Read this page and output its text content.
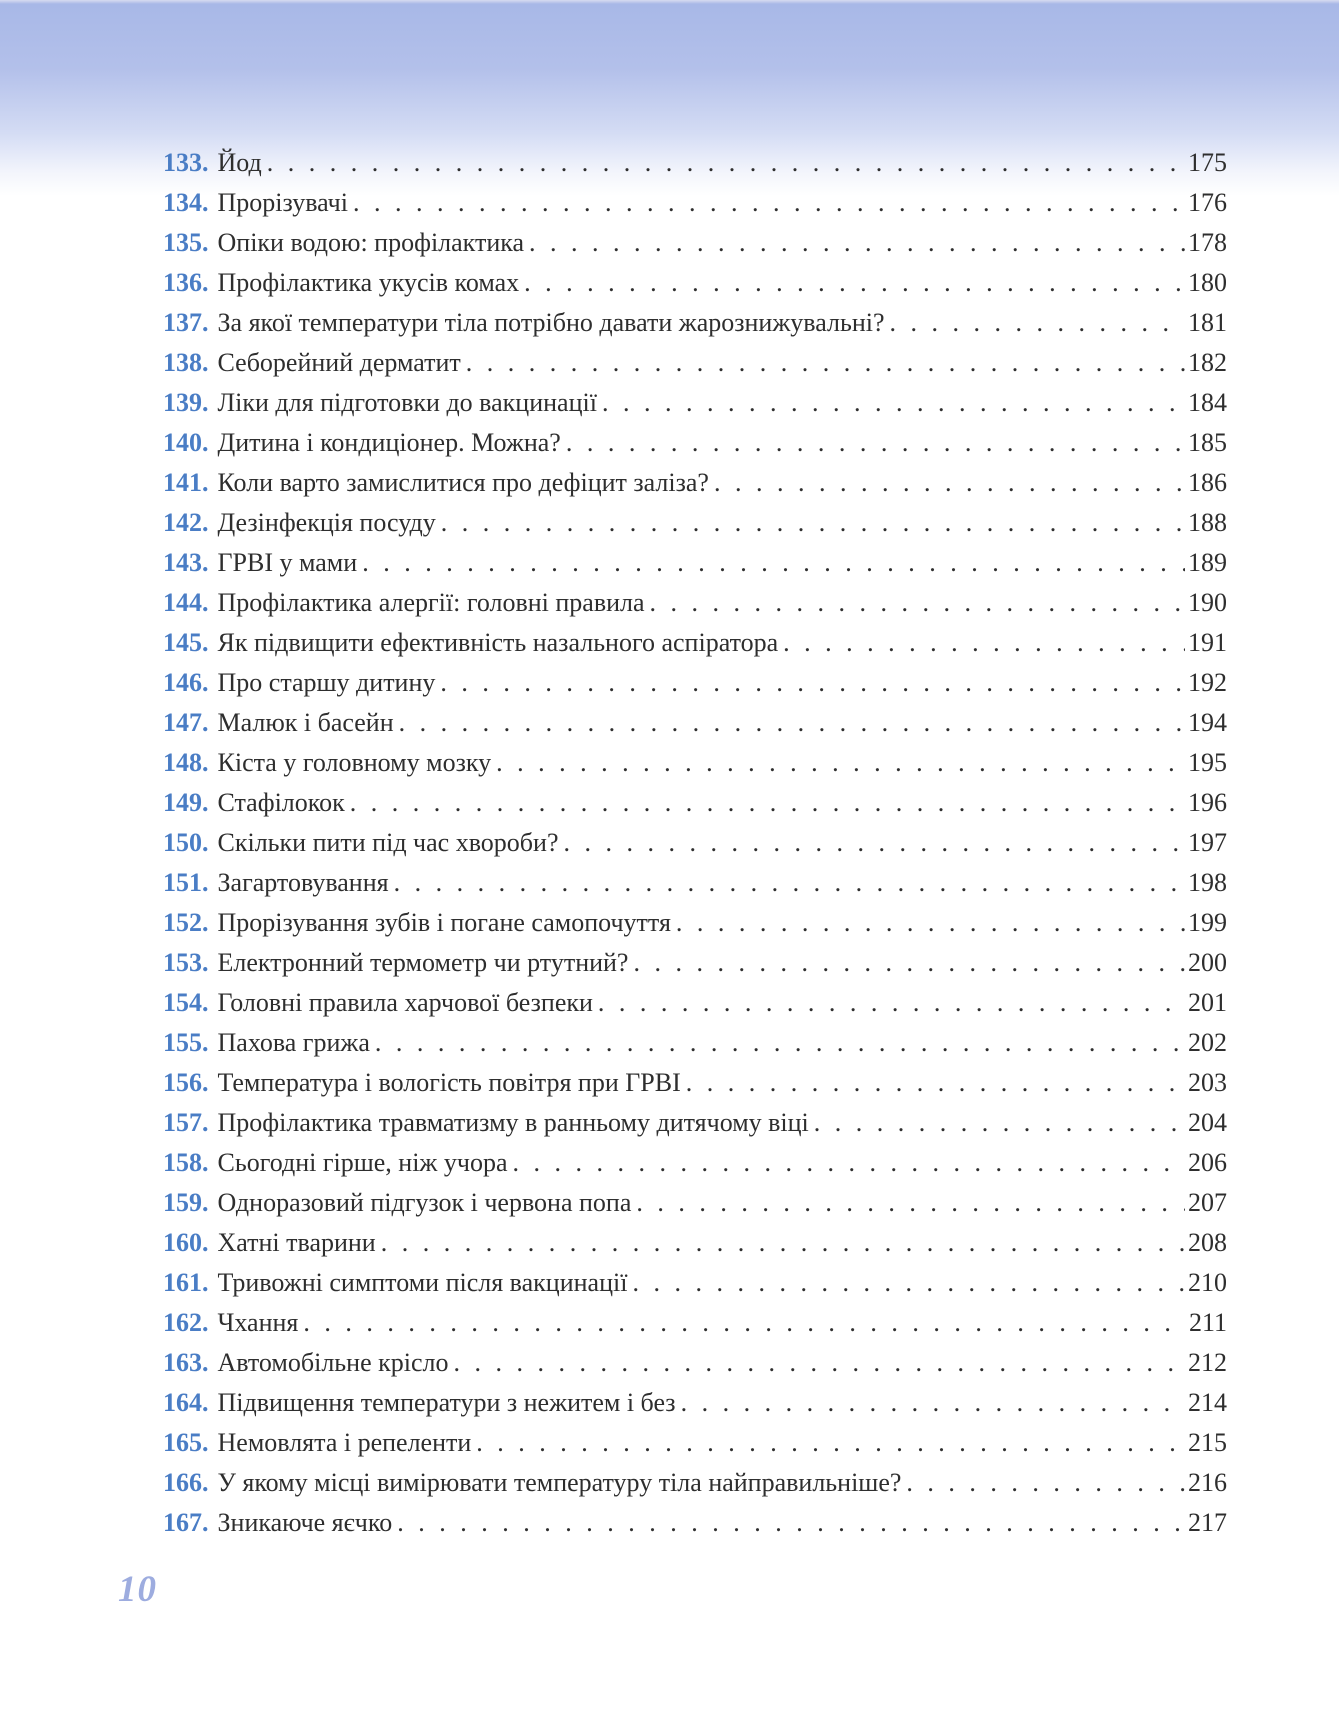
133. Йод . . .	175
134. Прорізувачі . . .	176
135. Опіки водою: профілактика . . .	178
136. Профілактика укусів комах . . .	180
137. За якої температури тіла потрібно давати жарознижувальні? . . .	181
138. Себорейний дерматит . . .	182
139. Ліки для підготовки до вакцинації . . .	184
140. Дитина і кондиціонер. Можна? . . .	185
141. Коли варто замислитися про дефіцит заліза? . . .	186
142. Дезінфекція посуду . . .	188
143. ГРВІ у мами . . .	189
144. Профілактика алергії: головні правила . . .	190
145. Як підвищити ефективність назального аспіратора . . .	191
146. Про старшу дитину . . .	192
147. Малюк і басейн . . .	194
148. Кіста у головному мозку . . .	195
149. Стафілокок . . .	196
150. Скільки пити під час хвороби? . . .	197
151. Загартовування . . .	198
152. Прорізування зубів і погане самопочуття . . .	199
153. Електронний термометр чи ртутний? . . .	200
154. Головні правила харчової безпеки . . .	201
155. Пахова грижа . . .	202
156. Температура і вологість повітря при ГРВІ . . .	203
157. Профілактика травматизму в ранньому дитячому віці . . .	204
158. Сьогодні гірше, ніж учора . . .	206
159. Одноразовий підгузок і червона попа . . .	207
160. Хатні тварини . . .	208
161. Тривожні симптоми після вакцинації . . .	210
162. Чхання . . .	211
163. Автомобільне крісло . . .	212
164. Підвищення температури з нежитем і без . . .	214
165. Немовлята і репеленти . . .	215
166. У якому місці вимірювати температуру тіла найправильніше? . . .	216
167. Зникаюче яєчко . . .	217
10
